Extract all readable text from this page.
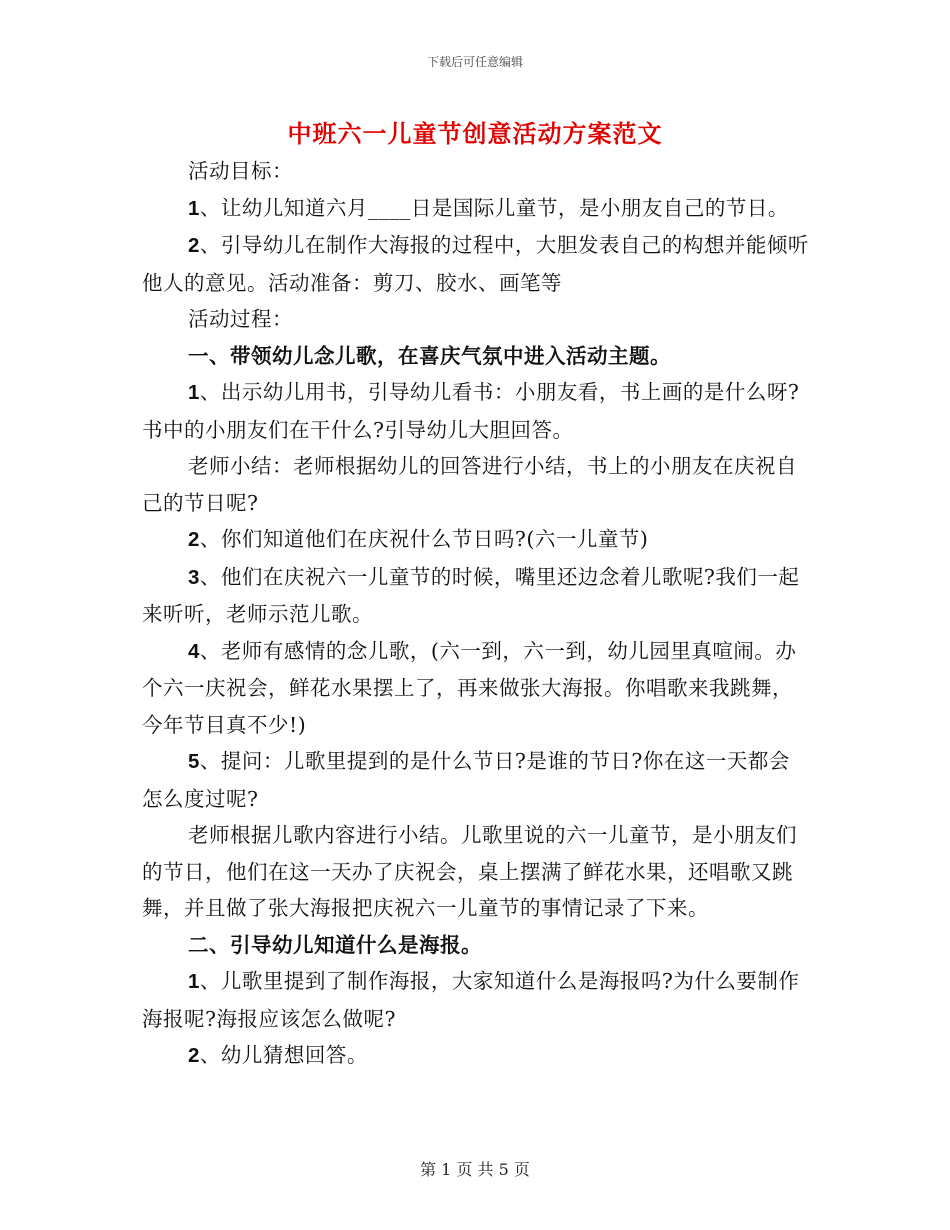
下载后可任意编辑
中班六一儿童节创意活动方案范文

活动目标：

1、让幼儿知道六月____日是国际儿童节，是小朋友自己的节日。

2、引导幼儿在制作大海报的过程中，大胆发表自己的构想并能倾听他人的意见。活动准备：剪刀、胶水、画笔等

活动过程：

一、带领幼儿念儿歌，在喜庆气氛中进入活动主题。

1、出示幼儿用书，引导幼儿看书：小朋友看，书上画的是什么呀?书中的小朋友们在干什么?引导幼儿大胆回答。

老师小结：老师根据幼儿的回答进行小结，书上的小朋友在庆祝自己的节日呢?

2、你们知道他们在庆祝什么节日吗?(六一儿童节)

3、他们在庆祝六一儿童节的时候，嘴里还边念着儿歌呢?我们一起来听听，老师示范儿歌。

4、老师有感情的念儿歌，(六一到，六一到，幼儿园里真喧闹。办个六一庆祝会，鲜花水果摆上了，再来做张大海报。你唱歌来我跳舞，今年节目真不少!)

5、提问：儿歌里提到的是什么节日?是谁的节日?你在这一天都会怎么度过呢?

老师根据儿歌内容进行小结。儿歌里说的六一儿童节，是小朋友们的节日，他们在这一天办了庆祝会，桌上摆满了鲜花水果，还唱歌又跳舞，并且做了张大海报把庆祝六一儿童节的事情记录了下来。

二、引导幼儿知道什么是海报。

1、儿歌里提到了制作海报，大家知道什么是海报吗?为什么要制作海报呢?海报应该怎么做呢?

2、幼儿猜想回答。

第 1 页 共 5 页
